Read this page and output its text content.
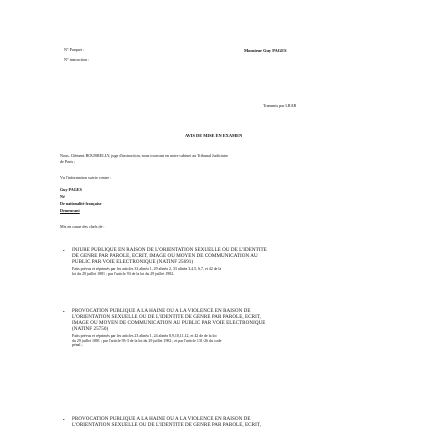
N° Parquet :
N° instruction :
Monsieur Guy PAGES
Transmis par LRAR
AVIS DE MISE EN EXAMEN
Nous, Clément BOURRELLY, juge d'instruction, nous trouvant en notre cabinet au Tribunal Judiciaire
de Paris ;
Vu l'information suivie contre :
Guy PAGES
Né
De nationalité française
Demeurant
Mis en cause des chefs de :
• INJURE PUBLIQUE EN RAISON DE L'ORIENTATION SEXUELLE OU DE L'IDENTITE
DE GENRE PAR PAROLE, ECRIT, IMAGE OU MOYEN DE COMMUNICATION AU
PUBLIC PAR VOIE ELECTRONIQUE (NATINF 25691)
Faits prévus et réprimés par les articles 33 alinéa 1, 29 alinéa 2, 33 alinéa 3,4,5, 6,7, et 42 de la
loi du 29 juillet 1881 ; par l'article 93 de la loi du 29 juillet 1982.
• PROVOCATION PUBLIQUE A LA HAINE OU A LA VIOLENCE EN RAISON DE
L'ORIENTATION SEXUELLE OU DE L'IDENTITE DE GENRE PAR PAROLE, ECRIT,
IMAGE OU MOYEN DE COMMUNICATION AU PUBLIC PAR VOIE ELECTRONIQUE
(NATINF 25750)
Faits prévus et réprimés par les articles 23 alinéa 1, 24 alinéa 8,9,10,11,12, et 42 de de la loi
du 29 juillet 1881 ; par l'article 93-3 de la loi du 29 juillet 1982 ; et par l'article 131-26 du code
pénal ;
• PROVOCATION PUBLIQUE A LA HAINE OU A LA VIOLENCE EN RAISON DE
L'ORIENTATION SEXUELLE OU DE L'IDENTITE DE GENRE PAR PAROLE, ECRIT,
